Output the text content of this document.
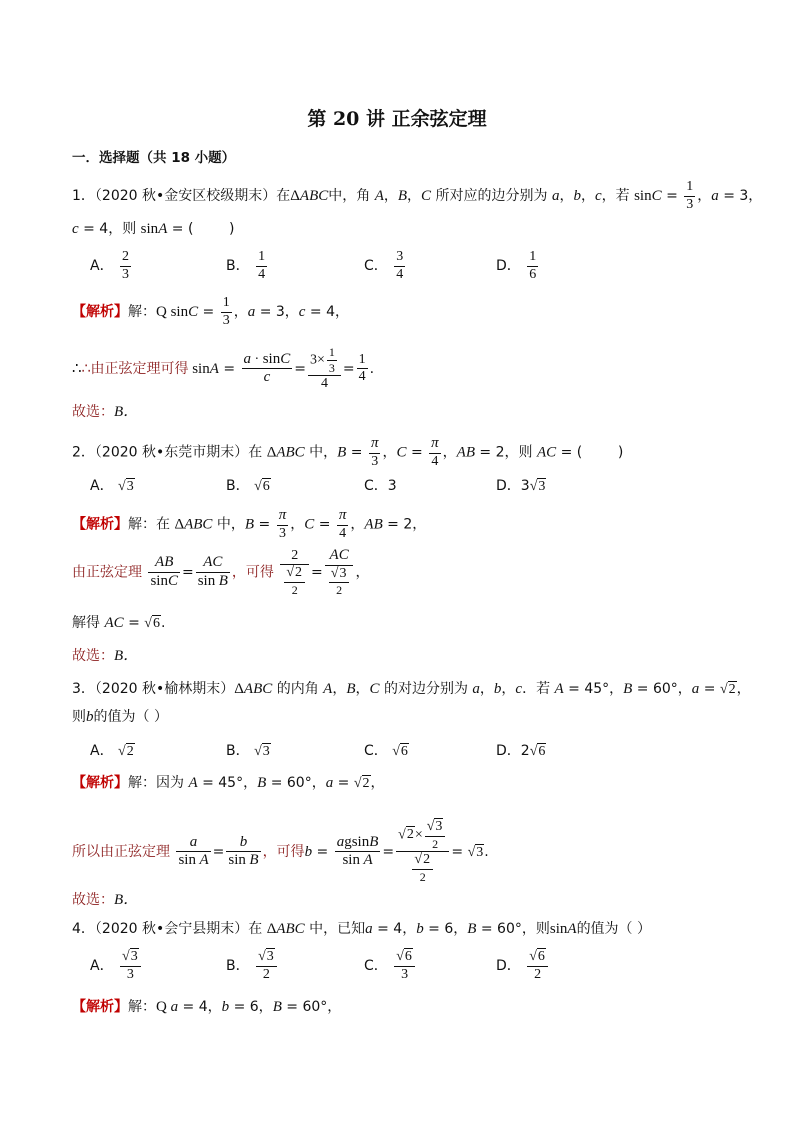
第 20 讲 正余弦定理
一．选择题（共 18 小题）
1．（2020 秋•金安区校级期末）在ΔABC中，角 A，B，C 所对应的边分别为 a，b，c，若 $\sin C = \frac{1}{3}$ ，a = 3，
c = 4，则 sinA = (        )
A． $\frac{2}{3}$	B． $\frac{1}{4}$	C． $\frac{3}{4}$	D． $\frac{1}{6}$
【解析】解：Q $\sin C = \frac{1}{3}$ ，a = 3，c = 4，
∴∴由正弦定理可得 $\sin A = \frac{a \cdot \sin C}{c} = \frac{3\times \frac{1}{3}}{4} = \frac{1}{4}$ .
故选：B．
2．（2020 秋•东莞市期末）在 ΔABC 中，$B = \frac{\pi}{3}$ ，$C = \frac{\pi}{4}$ ，AB = 2，则 AC = (        )
A． √3	B． √6	C．3	D．3√3
【解析】解：在 ΔABC 中，$B = \frac{\pi}{3}$ ，$C = \frac{\pi}{4}$ ，AB = 2，
由正弦定理 $\frac{AB}{\sin C} = \frac{AC}{\text{sin B}}$ ，可得 $\frac{2}{\frac{√2}{2}} = \frac{AC}{\frac{√3}{2}}$ ，
解得 AC = √6.
故选：B．
3．（2020 秋•榆林期末）ΔABC 的内角 A，B，C 的对边分别为 a，b，c．若 A = 45°，B = 60°，a = √2，
则b的值为（ ）
A． √2	B． √3	C． √6	D．2√6
【解析】解：因为 A = 45°，B = 60°，a = √2，
所以由正弦定理 $\frac{a}{\text{sin A}} = \frac{b}{\text{sin B}}$ ，可得$b = \frac{agsinB}{\text{sin A}} = \frac{√2\times \frac{√3}{2}}{\frac{√2}{2}} = √3$.
故选：B．
4．（2020 秋•会宁县期末）在 ΔABC 中，已知a = 4，b = 6，B = 60°，则sinA的值为（ ）
A． $\frac{√3}{3}$	B． $\frac{√3}{2}$	C． $\frac{√6}{3}$	D． $\frac{√6}{2}$
【解析】解：Q a = 4，b = 6，B = 60°，
